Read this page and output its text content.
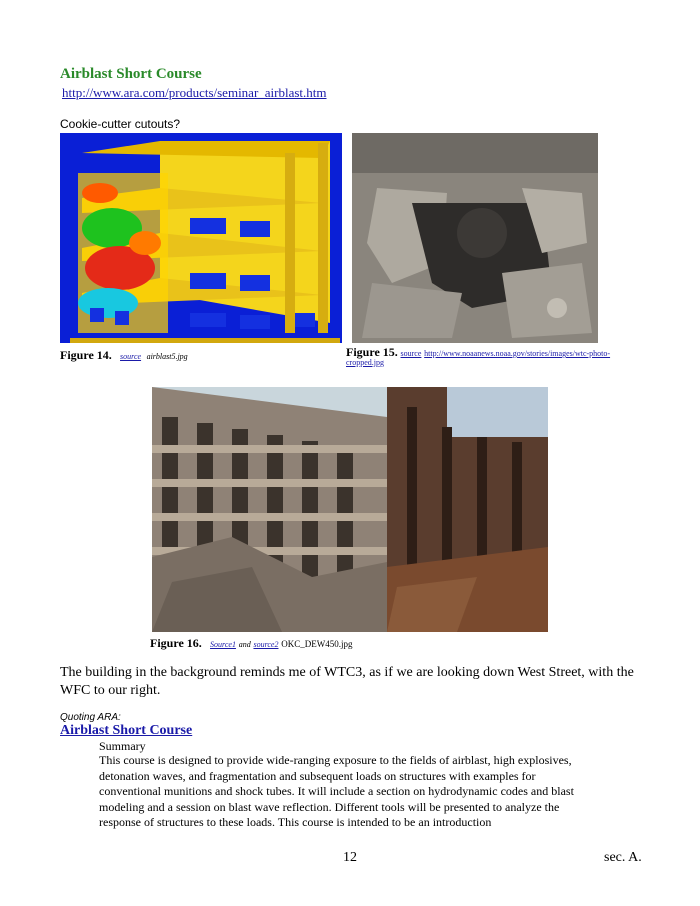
Airblast Short Course
http://www.ara.com/products/seminar_airblast.htm
Cookie-cutter cutouts?
Figure 14. source airblast5.jpg	Figure 15. source http://www.noaanews.noaa.gov/stories/images/wtc-photo-cropped.jpg
Figure 16. Source1 and source2 OKC_DEW450.jpg
The building in the background reminds me of WTC3, as if we are looking down West Street, with the WFC to our right.
Quoting ARA:
Airblast Short Course
Summary
This course is designed to provide wide-ranging exposure to the fields of airblast, high explosives, detonation waves, and fragmentation and subsequent loads on structures with examples for conventional munitions and shock tubes. It will include a section on hydrodynamic codes and blast modeling and a session on blast wave reflection. Different tools will be presented to analyze the response of structures to these loads. This course is intended to be an introduction
12	sec. A.
